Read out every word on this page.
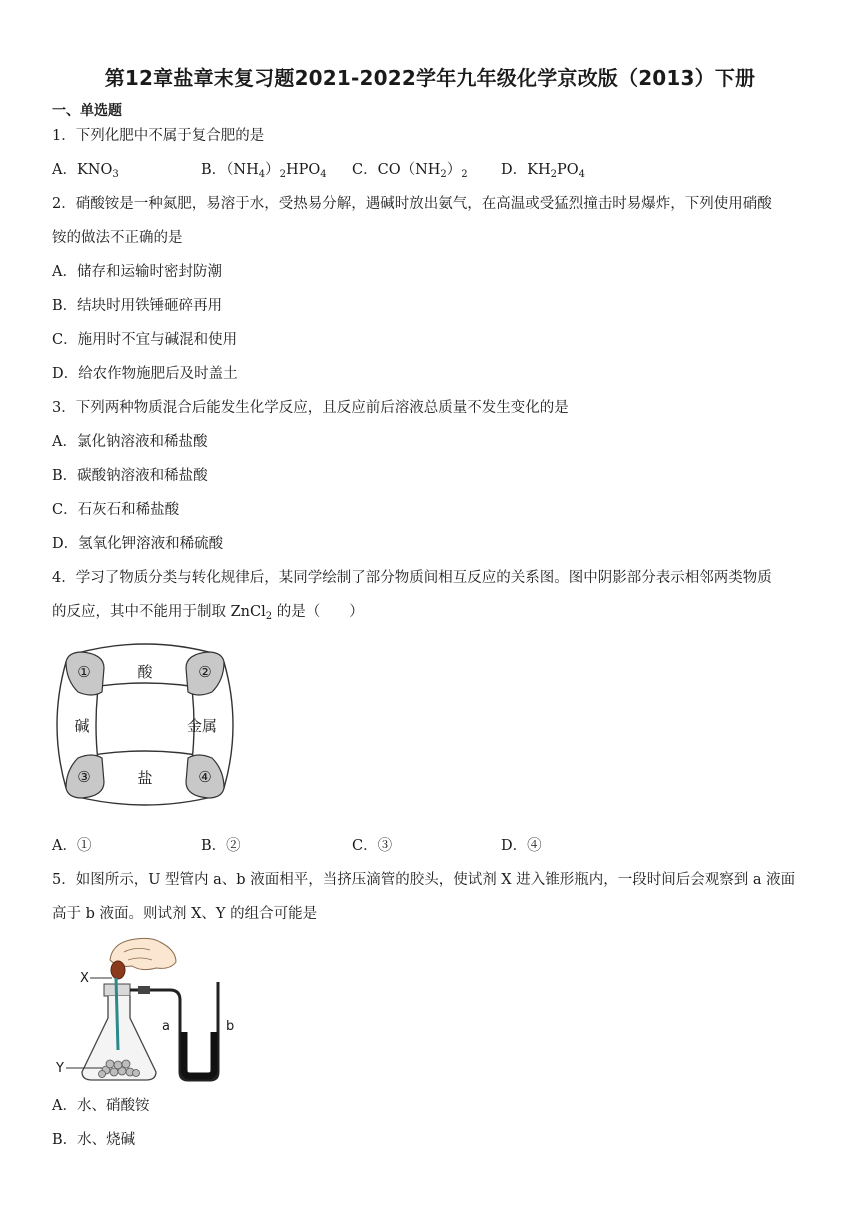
第12章盐章末复习题2021-2022学年九年级化学京改版（2013）下册
一、单选题
1．下列化肥中不属于复合肥的是
A．$KNO_3$	B．$(NH_4)_2HPO_4$ C．$CO(NH_2)_2$ D．$KH_2PO_4$
2．硝酸铵是一种氮肥，易溶于水，受热易分解，遇碱时放出氨气，在高温或受猛烈撞击时易爆炸，下列使用硝酸
铵的做法不正确的是
A．储存和运输时密封防潮
B．结块时用铁锤砸碎再用
C．施用时不宜与碱混和使用
D．给农作物施肥后及时盖土
3．下列两种物质混合后能发生化学反应，且反应前后溶液总质量不发生变化的是
A．氯化钠溶液和稀盐酸
B．碳酸钠溶液和稀盐酸
C．石灰石和稀盐酸
D．氢氧化钾溶液和稀硫酸
4．学习了物质分类与转化规律后，某同学绘制了部分物质间相互反应的关系图。图中阴影部分表示相邻两类物质
的反应，其中不能用于制取 ZnCl$_2$ 的是（　　）
酸
碱	金属
盐
①	②
③	④
A．①	B．②	C．③	D．④
5．如图所示，U 型管内 a、b 液面相平，当挤压滴管的胶头，使试剂 X 进入锥形瓶内，一段时间后会观察到 a 液面
高于 b 液面。则试剂 X、Y 的组合可能是
X
Y
a	b
A．水、硝酸铵
B．水、烧碱
